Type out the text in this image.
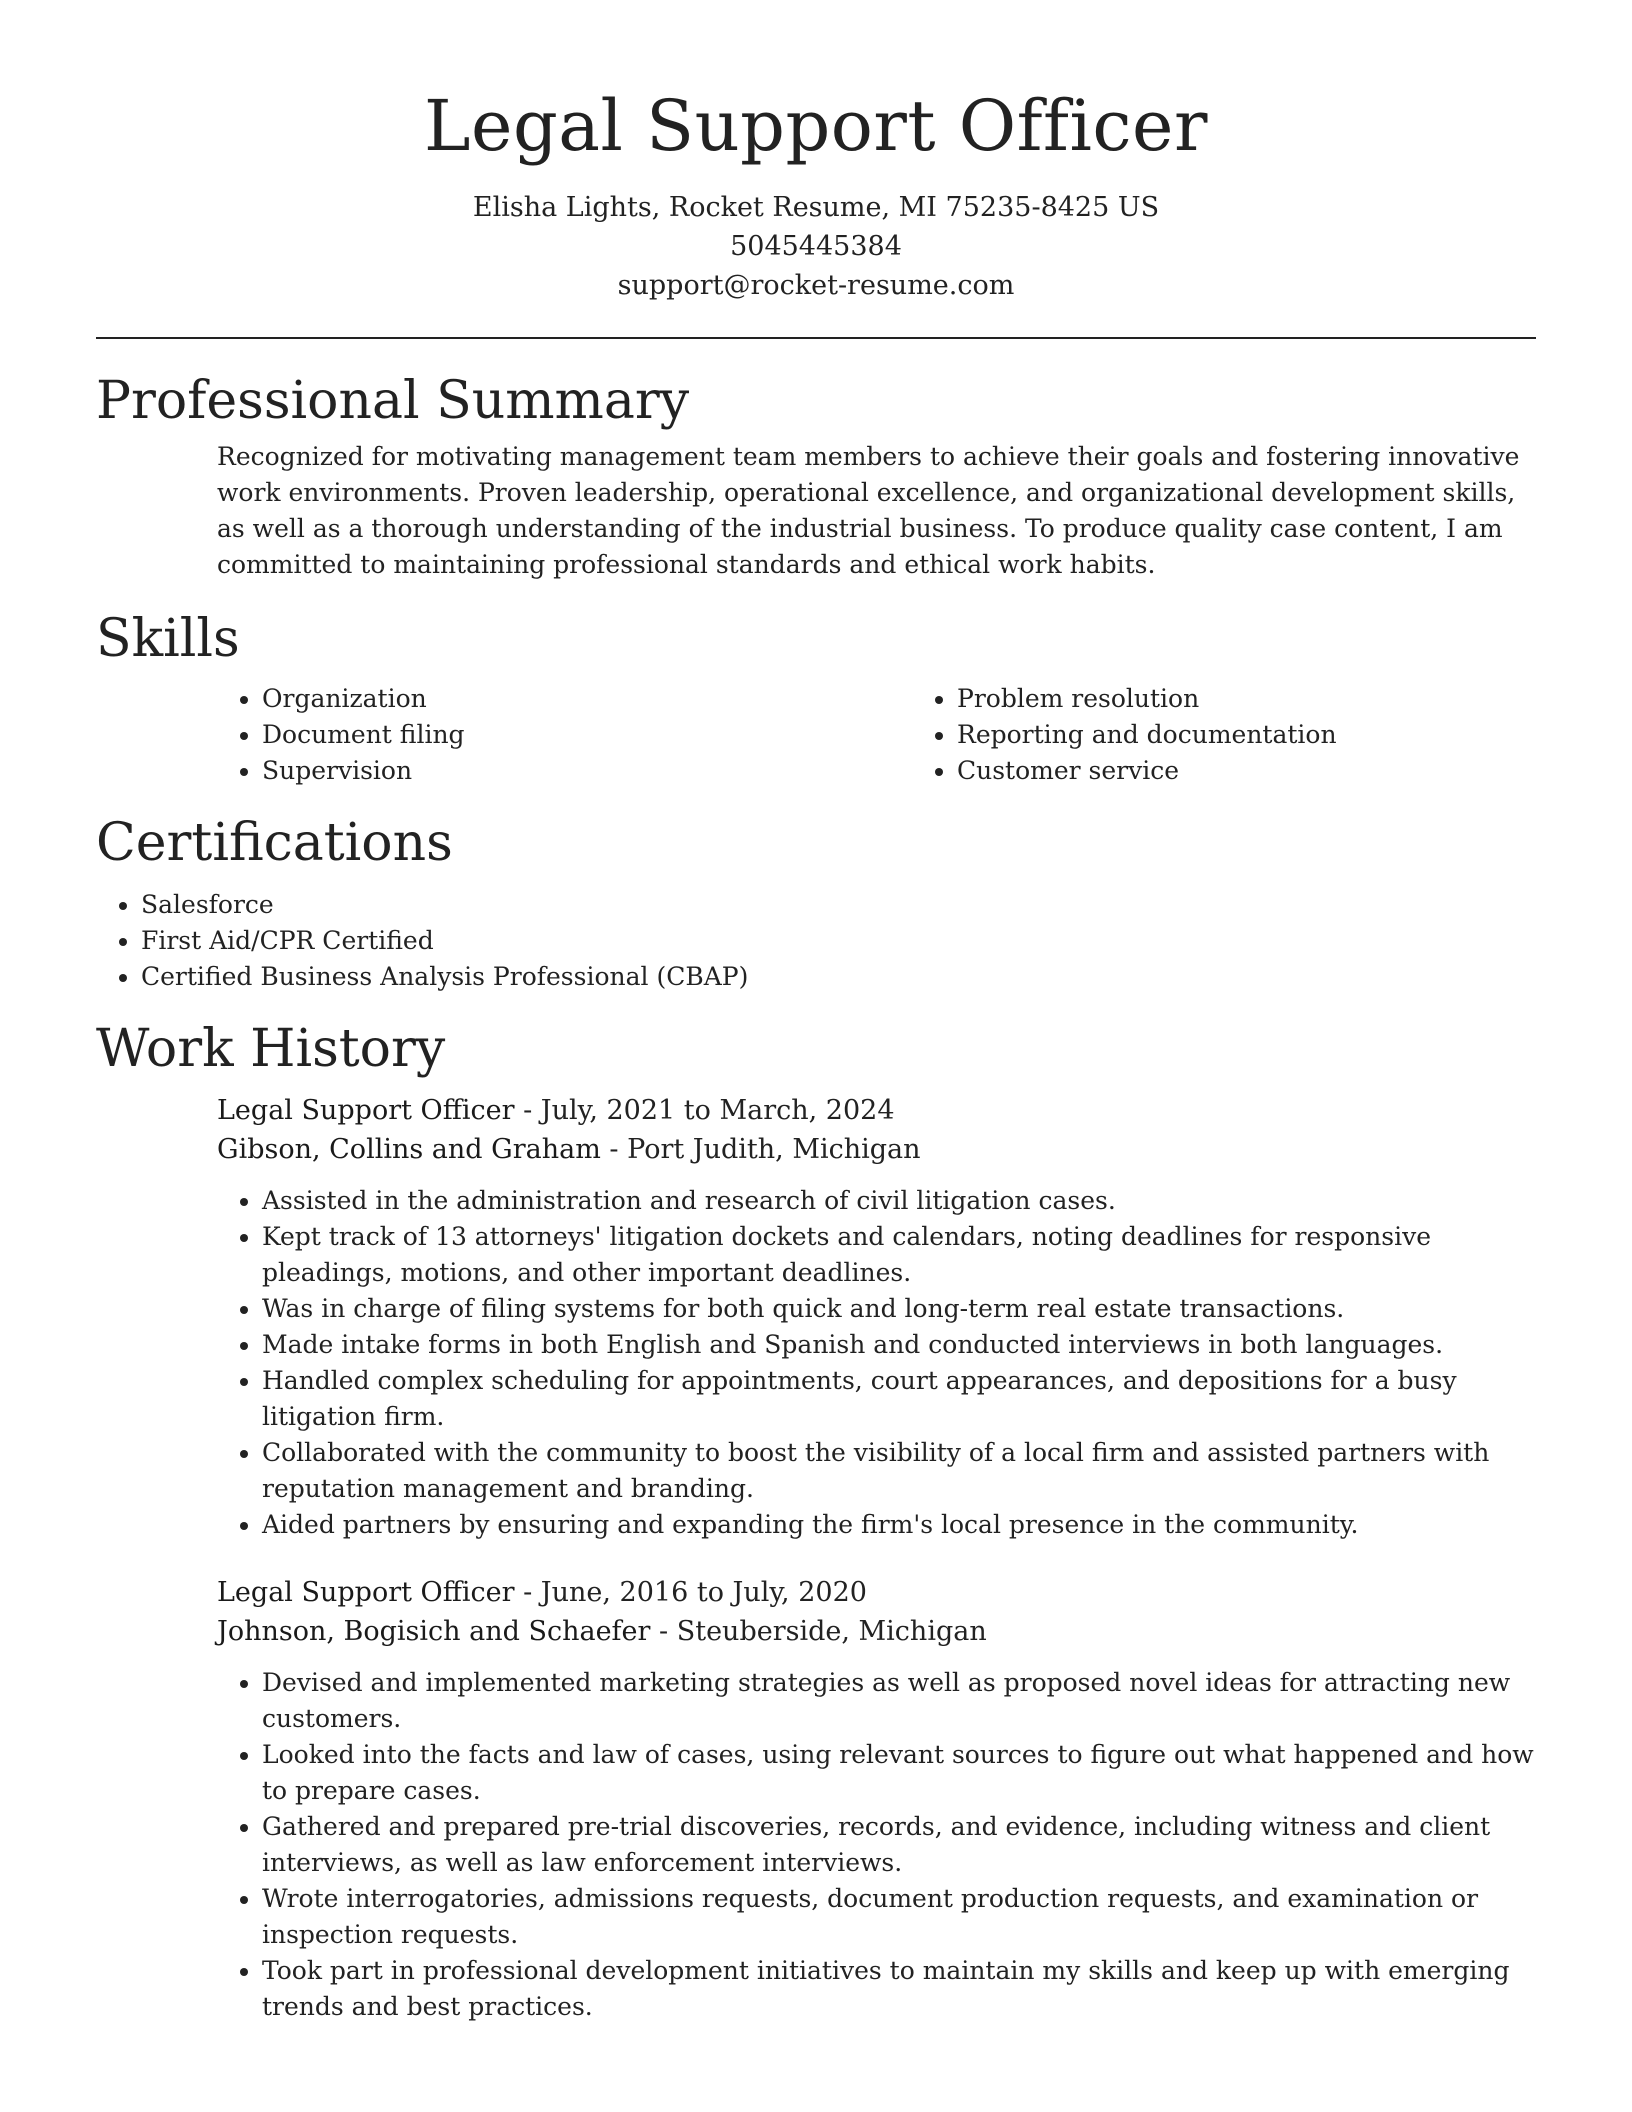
Legal Support Officer
Elisha Lights, Rocket Resume, MI 75235-8425 US
5045445384
support@rocket-resume.com
Professional Summary

Recognized for motivating management team members to achieve their goals and fostering innovative work environments. Proven leadership, operational excellence, and organizational development skills, as well as a thorough understanding of the industrial business. To produce quality case content, I am committed to maintaining professional standards and ethical work habits.

Skills
• Organization
• Document filing
• Supervision
• Problem resolution
• Reporting and documentation
• Customer service
Certifications
• Salesforce
• First Aid/CPR Certified
• Certified Business Analysis Professional (CBAP)
Work History
Legal Support Officer - July, 2021 to March, 2024
Gibson, Collins and Graham - Port Judith, Michigan
• Assisted in the administration and research of civil litigation cases.
• Kept track of 13 attorneys' litigation dockets and calendars, noting deadlines for responsive pleadings, motions, and other important deadlines.
• Was in charge of filing systems for both quick and long-term real estate transactions.
• Made intake forms in both English and Spanish and conducted interviews in both languages.
• Handled complex scheduling for appointments, court appearances, and depositions for a busy litigation firm.
• Collaborated with the community to boost the visibility of a local firm and assisted partners with reputation management and branding.
• Aided partners by ensuring and expanding the firm's local presence in the community.
Legal Support Officer - June, 2016 to July, 2020
Johnson, Bogisich and Schaefer - Steuberside, Michigan
• Devised and implemented marketing strategies as well as proposed novel ideas for attracting new customers.
• Looked into the facts and law of cases, using relevant sources to figure out what happened and how to prepare cases.
• Gathered and prepared pre-trial discoveries, records, and evidence, including witness and client interviews, as well as law enforcement interviews.
• Wrote interrogatories, admissions requests, document production requests, and examination or inspection requests.
• Took part in professional development initiatives to maintain my skills and keep up with emerging trends and best practices.
